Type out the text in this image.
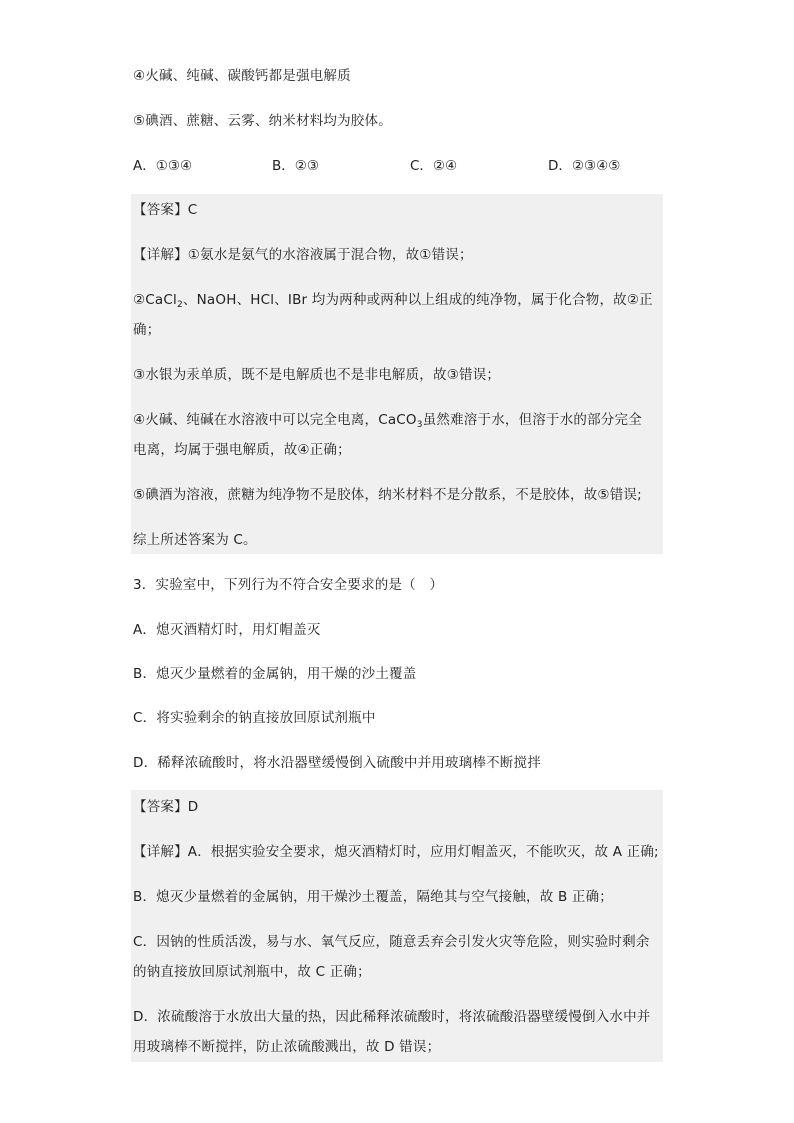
④火碱、纯碱、碳酸钙都是强电解质
⑤碘酒、蔗糖、云雾、纳米材料均为胶体。
A．①③④	B．②③	C．②④	D．②③④⑤
【答案】C
【详解】①氨水是氨气的水溶液属于混合物，故①错误；
②CaCl$_2$、NaOH、HCl、IBr 均为两种或两种以上组成的纯净物，属于化合物，故②正
确；
③水银为汞单质，既不是电解质也不是非电解质，故③错误；
④火碱、纯碱在水溶液中可以完全电离，CaCO$_3$虽然难溶于水，但溶于水的部分完全
电离，均属于强电解质，故④正确；
⑤碘酒为溶液，蔗糖为纯净物不是胶体，纳米材料不是分散系，不是胶体，故⑤错误;
综上所述答案为 C。
3．实验室中，下列行为不符合安全要求的是（　）
A．熄灭酒精灯时，用灯帽盖灭
B．熄灭少量燃着的金属钠，用干燥的沙土覆盖
C．将实验剩余的钠直接放回原试剂瓶中
D．稀释浓硫酸时，将水沿器壁缓慢倒入硫酸中并用玻璃棒不断搅拌
【答案】D
【详解】A．根据实验安全要求，熄灭酒精灯时，应用灯帽盖灭，不能吹灭，故 A 正确;
B．熄灭少量燃着的金属钠，用干燥沙土覆盖，隔绝其与空气接触，故 B 正确；
C．因钠的性质活泼，易与水、氧气反应，随意丢弃会引发火灾等危险，则实验时剩余
的钠直接放回原试剂瓶中，故 C 正确；
D．浓硫酸溶于水放出大量的热，因此稀释浓硫酸时，将浓硫酸沿器壁缓慢倒入水中并
用玻璃棒不断搅拌，防止浓硫酸溅出，故 D 错误；
